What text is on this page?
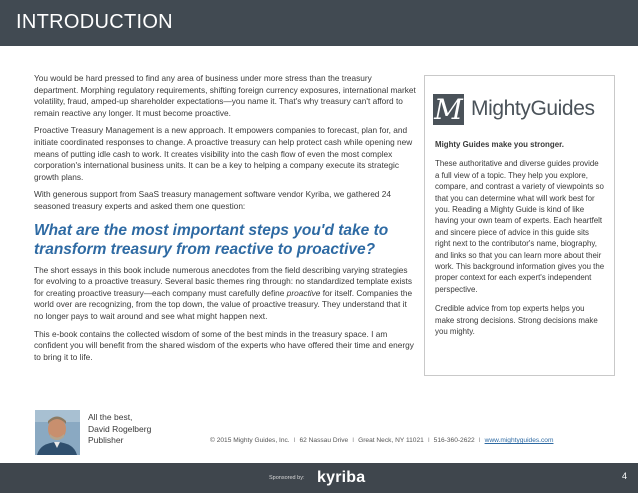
INTRODUCTION

You would be hard pressed to find any area of business under more stress than the treasury department. Morphing regulatory requirements, shifting foreign currency exposures, international market volatility, fraud, amped-up shareholder expectations—you name it. That's why treasury can't afford to remain reactive any longer. It must become proactive.

Proactive Treasury Management is a new approach. It empowers companies to forecast, plan for, and initiate coordinated responses to change. A proactive treasury can help protect cash while opening new means of putting idle cash to work. It creates visibility into the cash flow of even the most complex corporation's international business units. It can be a key to helping a company execute its strategic growth plans.

With generous support from SaaS treasury management software vendor Kyriba, we gathered 24 seasoned treasury experts and asked them one question:

What are the most important steps you'd take to transform treasury from reactive to proactive?

The short essays in this book include numerous anecdotes from the field describing varying strategies for evolving to a proactive treasury. Several basic themes ring through: no standardized template exists for creating proactive treasury—each company must carefully define proactive for itself. Companies the world over are recognizing, from the top down, the value of proactive treasury. They understand that it no longer pays to wait around and see what might happen next.

This e-book contains the collected wisdom of some of the best minds in the treasury space. I am confident you will benefit from the shared wisdom of the experts who have offered their time and energy to bring it to life.

M MightyGuides

Mighty Guides make you stronger.

These authoritative and diverse guides provide a full view of a topic. They help you explore, compare, and contrast a variety of viewpoints so that you can determine what will work best for you. Reading a Mighty Guide is kind of like having your own team of experts. Each heartfelt and sincere piece of advice in this guide sits right next to the contributor's name, biography, and links so that you can learn more about their work. This background information gives you the proper context for each expert's independent perspective.

Credible advice from top experts helps you make strong decisions. Strong decisions make you mighty.

All the best,
David Rogelberg
Publisher	© 2015 Mighty Guides, Inc. I 62 Nassau Drive I Great Neck, NY 11021 I 516-360-2622 I www.mightyguides.com
Sponsored by: kyriba	4
